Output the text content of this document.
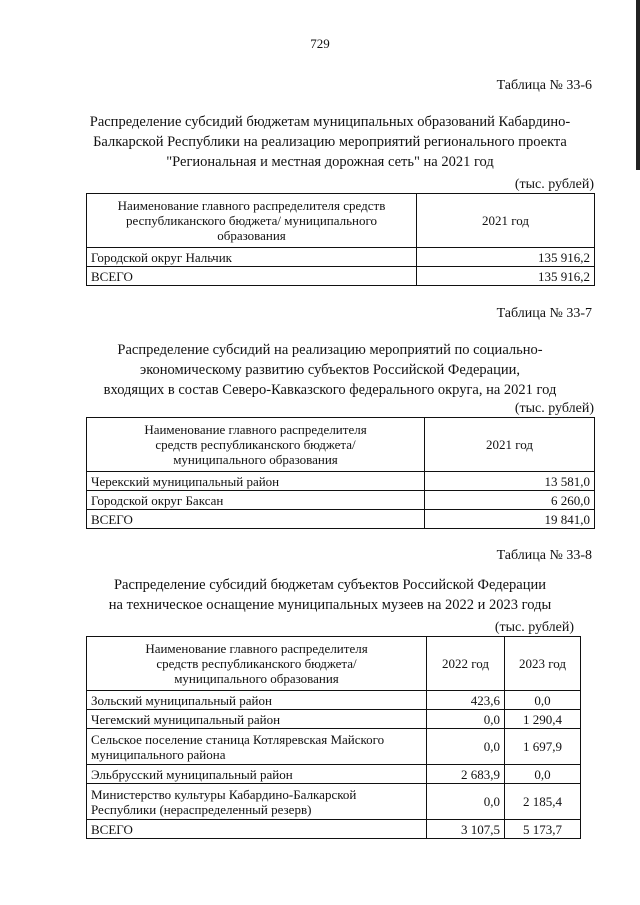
729
Таблица № 33-6
Распределение субсидий бюджетам муниципальных образований Кабардино-
Балкарской Республики на реализацию мероприятий регионального проекта
"Региональная и местная дорожная сеть" на 2021 год
(тыс. рублей)
Наименование главного распределителя средств
республиканского бюджета/ муниципального
образования	2021 год
Городской округ Нальчик	135 916,2
ВСЕГО	135 916,2
Таблица № 33-7
Распределение субсидий на реализацию мероприятий по социально-
экономическому развитию субъектов Российской Федерации,
входящих в состав Северо-Кавказского федерального округа, на 2021 год
(тыс. рублей)
Наименование главного распределителя
средств республиканского бюджета/
муниципального образования	2021 год
Черекский муниципальный район	13 581,0
Городской округ Баксан	6 260,0
ВСЕГО	19 841,0
Таблица № 33-8
Распределение субсидий бюджетам субъектов Российской Федерации
на техническое оснащение муниципальных музеев на 2022 и 2023 годы
(тыс. рублей)
Наименование главного распределителя
средств республиканского бюджета/
муниципального образования	2022 год	2023 год
Зольский муниципальный район	423,6	0,0
Чегемский муниципальный район	0,0	1 290,4

Сельское поселение станица Котляревская Майского
муниципального района	0,0	1 697,9
Эльбрусский муниципальный район	2 683,9	0,0

Министерство культуры Кабардино-Балкарской
Республики (нераспределенный резерв)	0,0	2 185,4
ВСЕГО	3 107,5	5 173,7
